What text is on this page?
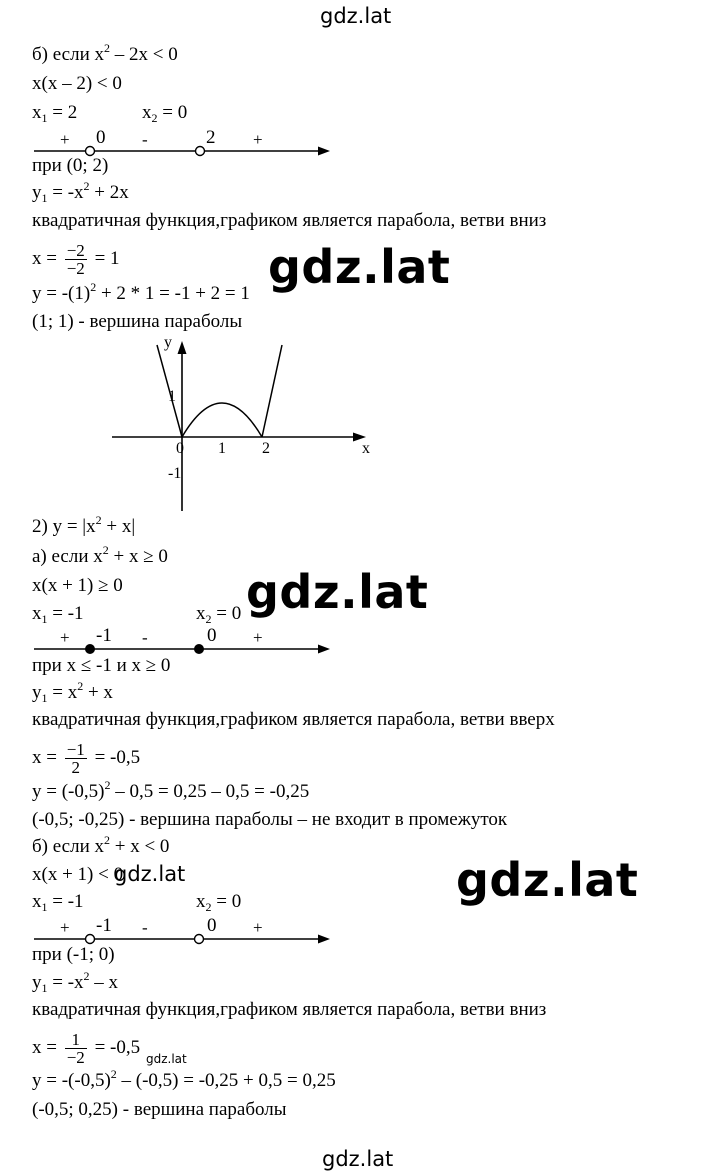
gdz.lat
б) если $x^2 - 2x < 0$
x(x – 2) < 0
$x_1 = 2$	$x_2 = 0$
+ 0 -	2 +
при (0; 2)
$y_1 = -x^2 + 2x$
квадратичная функция,графиком является парабола, ветви вниз
$x = \frac{-2}{-2} = 1$
$y = -(1)^2 + 2 * 1 = -1 + 2 = 1$
(1; 1) - вершина параболы
gdz.lat
y
x
1
-1
0 1 2
2) $y = |x^2 + x|$
а) если $x^2 + x \ge 0$
x(x + 1) ≥ 0
$x_1 = -1$	$x_2 = 0$
+ -1 -	0 +
при x ≤ -1 и x ≥ 0
$y_1 = x^2 + x$
квадратичная функция,графиком является парабола, ветви вверх
$x = \frac{-1}{2} = -0,5$
$y = (-0,5)^2 - 0,5 = 0,25 - 0,5 = -0,25$
(-0,5; -0,25) - вершина параболы – не входит в промежуток
gdz.lat
б) если $x^2 + x < 0$
x(x + 1) < 0
$x_1 = -1$	$x_2 = 0$
gdz.lat
+ -1 -	0 +
gdz.lat
при (-1; 0)
$y_1 = -x^2 - x$
квадратичная функция,графиком является парабола, ветви вниз
$x = \frac{1}{-2} = -0,5$
gdz.lat
$y = -(-0,5)^2 - (-0,5) = -0,25 + 0,5 = 0,25$
(-0,5; 0,25) - вершина параболы
gdz.lat
